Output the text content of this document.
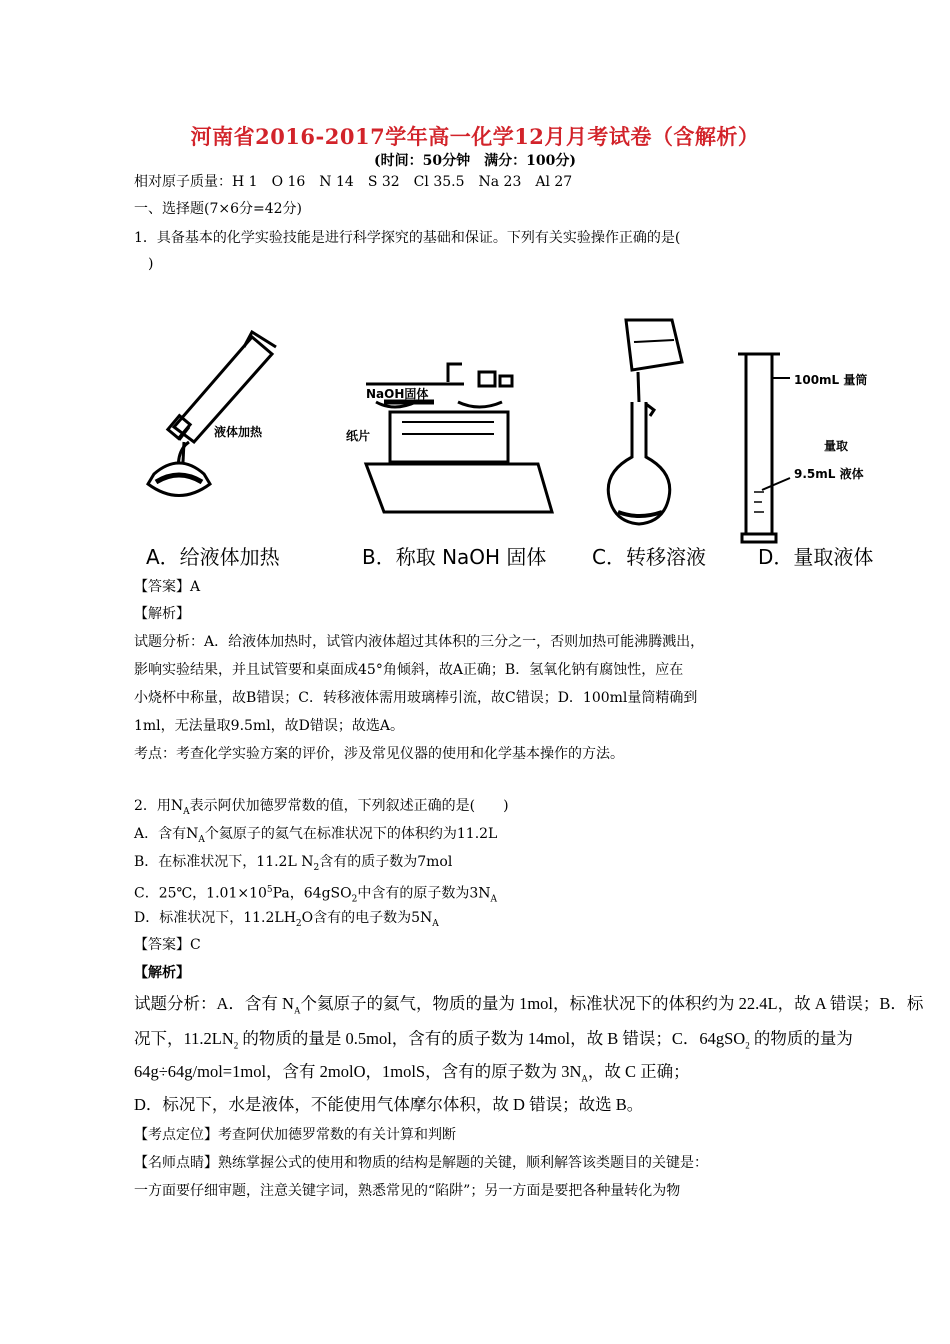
河南省2016-2017学年高一化学12月月考试卷（含解析）
(时间：50分钟　满分：100分)
相对原子质量：H 1　O 16　N 14　S 32　Cl 35.5　Na 23　Al 27
一、选择题(7×6分=42分)
1．具备基本的化学实验技能是进行科学探究的基础和保证。下列有关实验操作正确的是(
　)
液体加热
NaOH固体
纸片
100mL 量筒
量取
9.5mL 液体
A．给液体加热	B．称取 NaOH 固体 C．转移溶液	D．量取液体
【答案】A
【解析】
试题分析：A．给液体加热时，试管内液体超过其体积的三分之一，否则加热可能沸腾溅出，
影响实验结果，并且试管要和桌面成45°角倾斜，故A正确；B．氢氧化钠有腐蚀性，应在
小烧杯中称量，故B错误；C．转移液体需用玻璃棒引流，故C错误；D．100ml量筒精确到
1ml，无法量取9.5ml，故D错误；故选A。
考点：考查化学实验方案的评价，涉及常见仪器的使用和化学基本操作的方法。
2．用$N_A$表示阿伏加德罗常数的值，下列叙述正确的是(　　)
A．含有$N_A$个氦原子的氦气在标准状况下的体积约为11.2L
B．在标准状况下，11.2L $N_2$含有的质子数为7mol
C．25℃，$1.01\times 10^5Pa$，64gSO$_2$中含有的原子数为$3N_A$
D．标准状况下，$11.2LH_2O$含有的电子数为$5N_A$
【答案】C
【解析】
试题分析：A．含有 $N_A$个氦原子的氦气，物质的量为 1mol，标准状况下的体积约为 22.4L，故 A 错误；B．标
况下，$11.2LN_2$ 的物质的量是 0.5mol，含有的质子数为 14mol，故 B 错误；C．64gSO$_2$ 的物质的量为
64g÷64g/mol=1mol，含有 2molO，1molS，含有的原子数为 $3N_A$，故 C 正确；
D．标况下，水是液体，不能使用气体摩尔体积，故 D 错误；故选 B。
【考点定位】考查阿伏加德罗常数的有关计算和判断
【名师点睛】熟练掌握公式的使用和物质的结构是解题的关键，顺利解答该类题目的关键是：
一方面要仔细审题，注意关键字词，熟悉常见的“陷阱”；另一方面是要把各种量转化为物
